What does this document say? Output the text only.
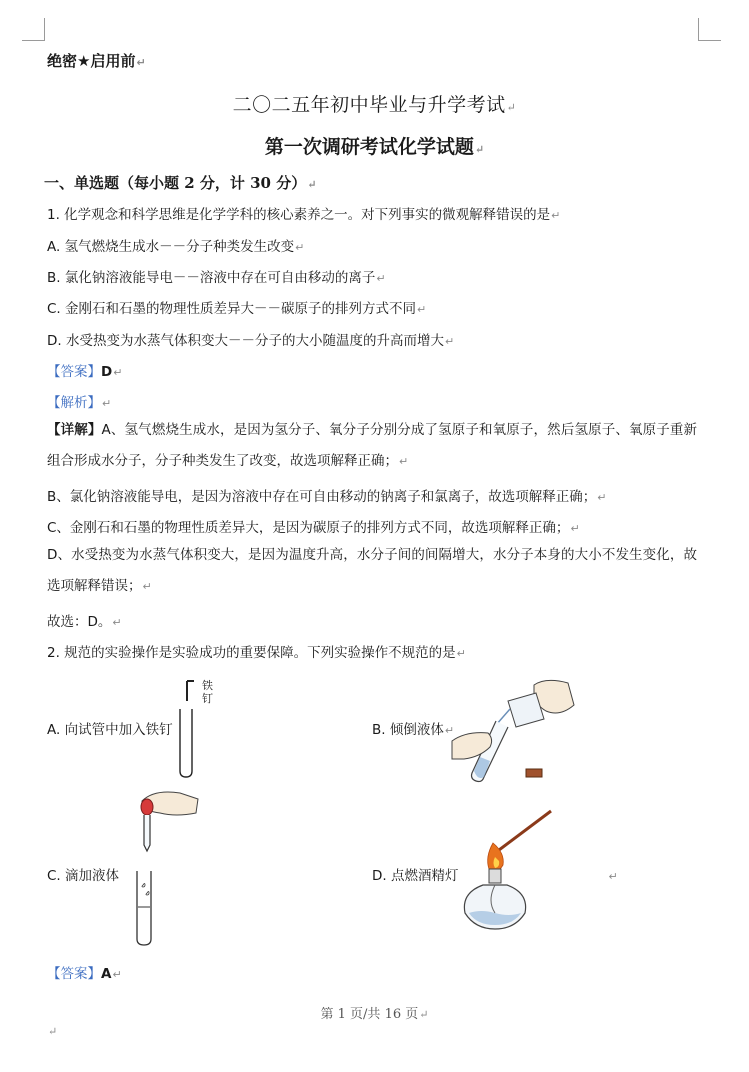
绝密★启用前↵
二〇二五年初中毕业与升学考试↵
第一次调研考试化学试题↵
一、单选题（每小题 2 分，计 30 分）↵
1. 化学观念和科学思维是化学学科的核心素养之一。对下列事实的微观解释错误的是↵
A. 氢气燃烧生成水－－分子种类发生改变↵
B. 氯化钠溶液能导电－－溶液中存在可自由移动的离子↵
C. 金刚石和石墨的物理性质差异大－－碳原子的排列方式不同↵
D. 水受热变为水蒸气体积变大－－分子的大小随温度的升高而增大↵
【答案】D↵
【解析】↵
【详解】A、氢气燃烧生成水，是因为氢分子、氧分子分别分成了氢原子和氧原子，然后氢原子、氧原子重新组合形成水分子，分子种类发生了改变，故选项解释正确；↵
B、氯化钠溶液能导电，是因为溶液中存在可自由移动的钠离子和氯离子，故选项解释正确；↵
C、金刚石和石墨的物理性质差异大，是因为碳原子的排列方式不同，故选项解释正确；↵
D、水受热变为水蒸气体积变大，是因为温度升高，水分子间的间隔增大，水分子本身的大小不发生变化，故选项解释错误；↵
故选：D。↵
2. 规范的实验操作是实验成功的重要保障。下列实验操作不规范的是↵
铁
钉
A. 向试管中加入铁钉	B. 倾倒液体↵
C. 滴加液体	D. 点燃酒精灯	↵
【答案】A↵
第 1 页/共 16 页↵
↵
